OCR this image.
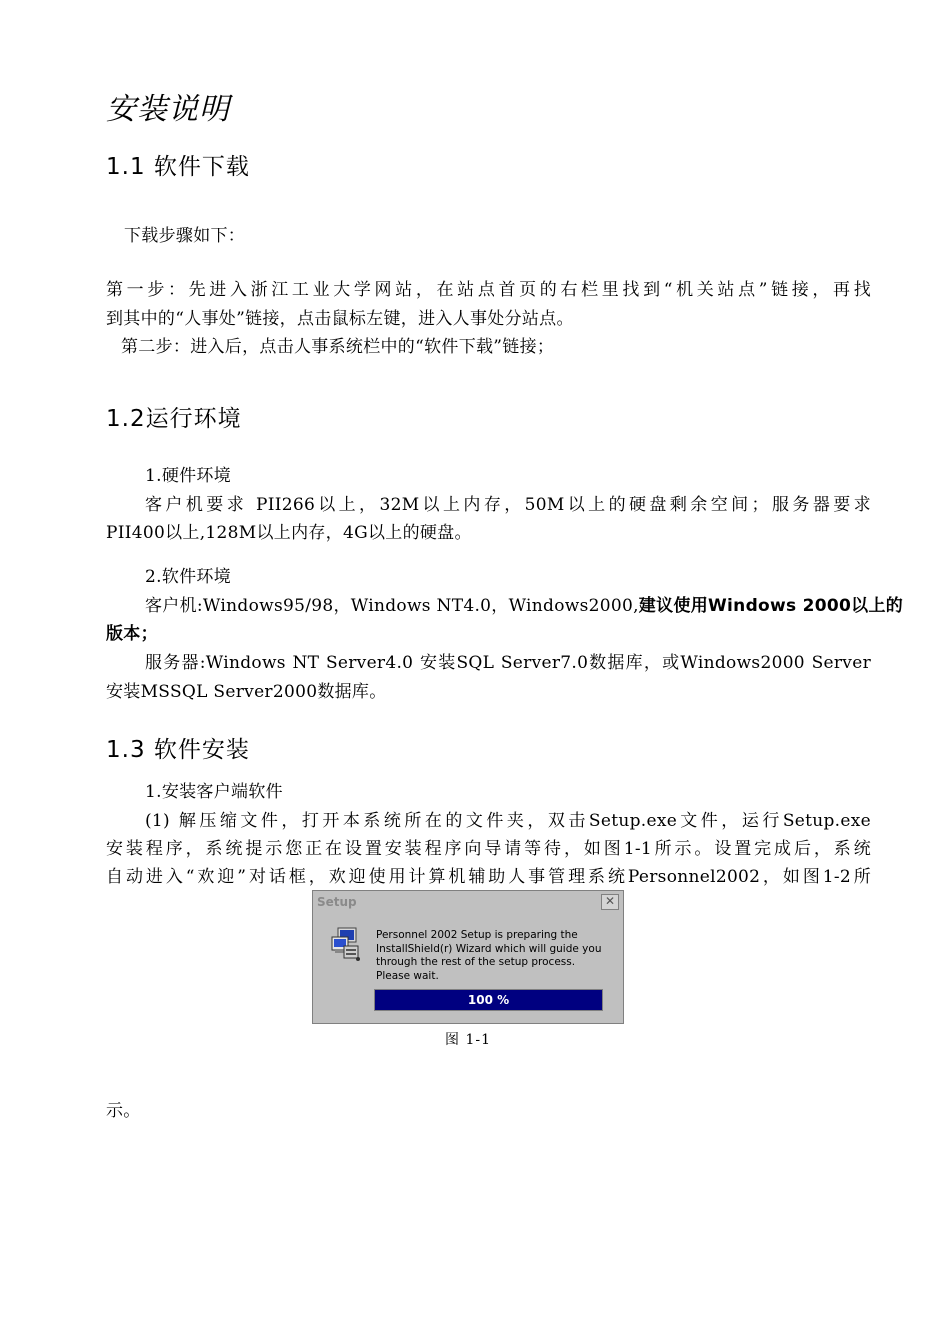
安装说明
1.1 软件下载
下载步骤如下：
第一步：先进入浙江工业大学网站，在站点首页的右栏里找到“机关站点”链接，再找
到其中的“人事处”链接，点击鼠标左键，进入人事处分站点。
第二步：进入后，点击人事系统栏中的“软件下载”链接；
1.2运行环境
1.硬件环境
客户机要求 PII266以上，32M以上内存，50M以上的硬盘剩余空间；服务器要求
PII400以上,128M以上内存，4G以上的硬盘。
2.软件环境
客户机:Windows95/98，Windows NT4.0，Windows2000,建议使用Windows 2000以上的
版本；
服务器:Windows NT Server4.0 安装SQL Server7.0数据库，或Windows2000 Server
安装MSSQL Server2000数据库。
1.3 软件安装
1.安装客户端软件
(1) 解压缩文件，打开本系统所在的文件夹，双击Setup.exe文件，运行Setup.exe
安装程序，系统提示您正在设置安装程序向导请等待，如图1-1所示。设置完成后，系统
自动进入“欢迎”对话框，欢迎使用计算机辅助人事管理系统Personnel2002，如图1-2所
Setup	✕
Personnel 2002 Setup is preparing the InstallShield(r) Wizard which will guide you through the rest of the setup process. Please wait.
100 %
图 1-1
示。
